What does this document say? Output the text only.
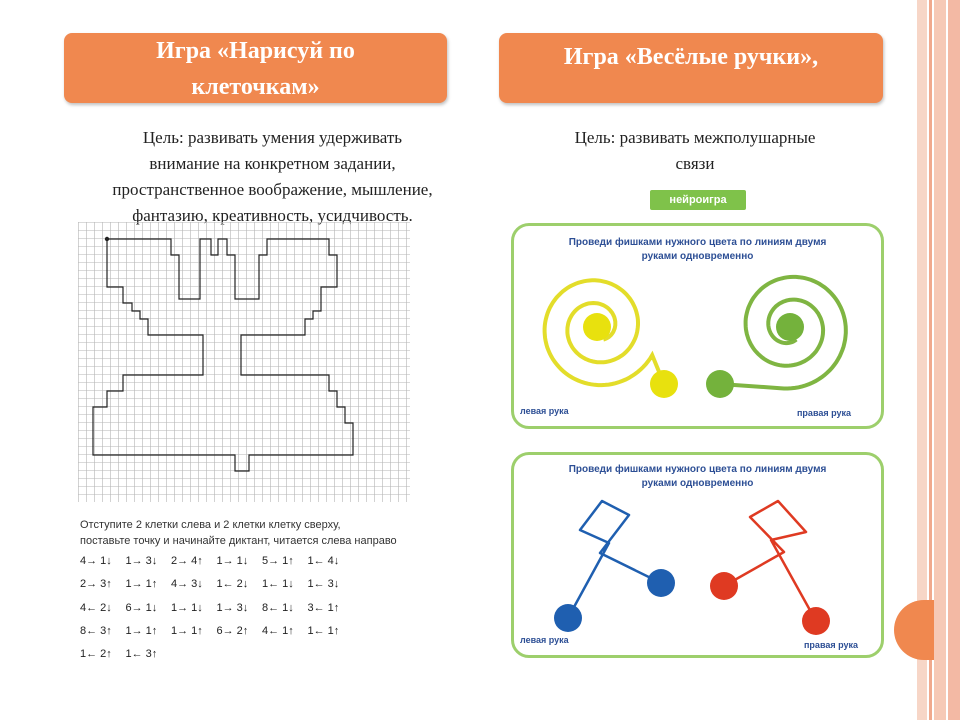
Игра «Нарисуй по
клеточкам»
Цель: развивать умения удерживать
внимание на конкретном задании,
пространственное воображение, мышление,
фантазию, креативность, усидчивость.
Отступите 2 клетки слева и 2 клетки клетку сверху,
поставьте точку и начинайте диктант, читается слева направо
4→ 1↓	1→ 3↓	2→ 4↑	1→ 1↓	5→ 1↑	1← 4↓
2→ 3↑	1→ 1↑	4→ 3↓	1← 2↓	1← 1↓	1← 3↓
4← 2↓	6→ 1↓	1→ 1↓	1→ 3↓	8← 1↓	3← 1↑
8← 3↑	1→ 1↑	1→ 1↑	6→ 2↑	4← 1↑	1← 1↑
1← 2↑	1← 3↑
Игра «Весёлые ручки»,
Цель: развивать межполушарные
связи
нейроигра
Проведи фишками нужного цвета по линиям двумя
руками одновременно
левая рука	правая рука
Проведи фишками нужного цвета по линиям двумя
руками одновременно
левая рука	правая рука
